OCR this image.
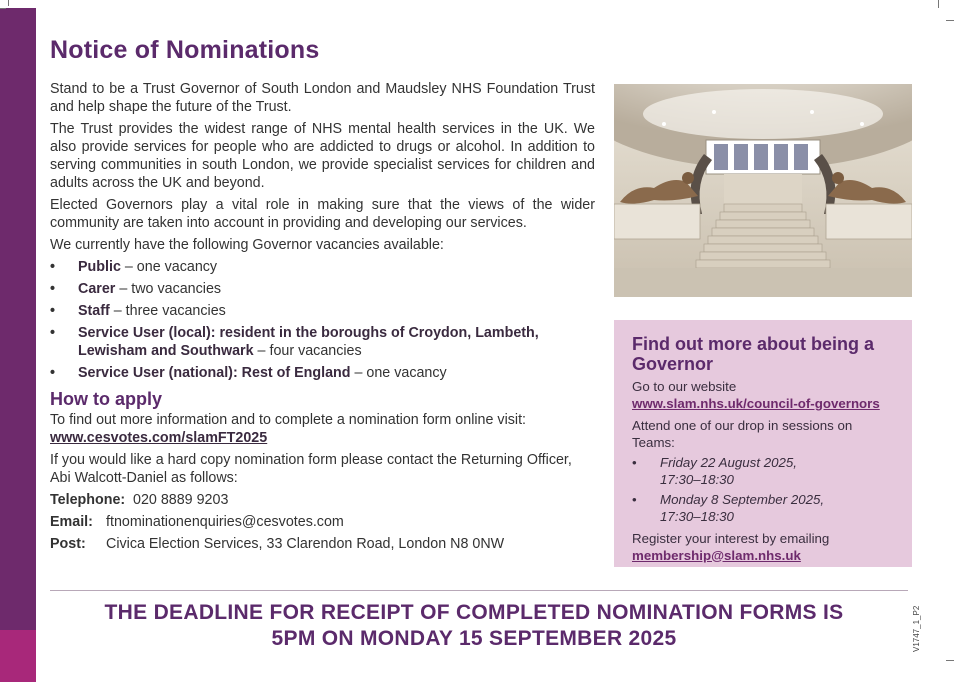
Notice of Nominations

Stand to be a Trust Governor of South London and Maudsley NHS Foundation Trust and help shape the future of the Trust.

The Trust provides the widest range of NHS mental health services in the UK. We also provide services for people who are addicted to drugs or alcohol. In addition to serving communities in south London, we provide specialist services for children and adults across the UK and beyond.

Elected Governors play a vital role in making sure that the views of the wider community are taken into account in providing and developing our services.

We currently have the following Governor vacancies available:

• Public – one vacancy
• Carer – two vacancies
• Staff – three vacancies
• Service User (local): resident in the boroughs of Croydon, Lambeth, Lewisham and Southwark – four vacancies
• Service User (national): Rest of England – one vacancy
How to apply
To find out more information and to complete a nomination form online visit:
www.cesvotes.com/slamFT2025

If you would like a hard copy nomination form please contact the Returning Officer, Abi Walcott-Daniel as follows:

Telephone: 020 8889 9203
Email: ftnominationenquiries@cesvotes.com
Post:	Civica Election Services, 33 Clarendon Road, London N8 0NW
Find out more about being a Governor
Go to our website
www.slam.nhs.uk/council-of-governors
Attend one of our drop in sessions on Teams:
• Friday 22 August 2025,
17:30–18:30
• Monday 8 September 2025,
17:30–18:30
Register your interest by emailing
membership@slam.nhs.uk
THE DEADLINE FOR RECEIPT OF COMPLETED NOMINATION FORMS IS
5PM ON MONDAY 15 SEPTEMBER 2025	V1747_1_P2
